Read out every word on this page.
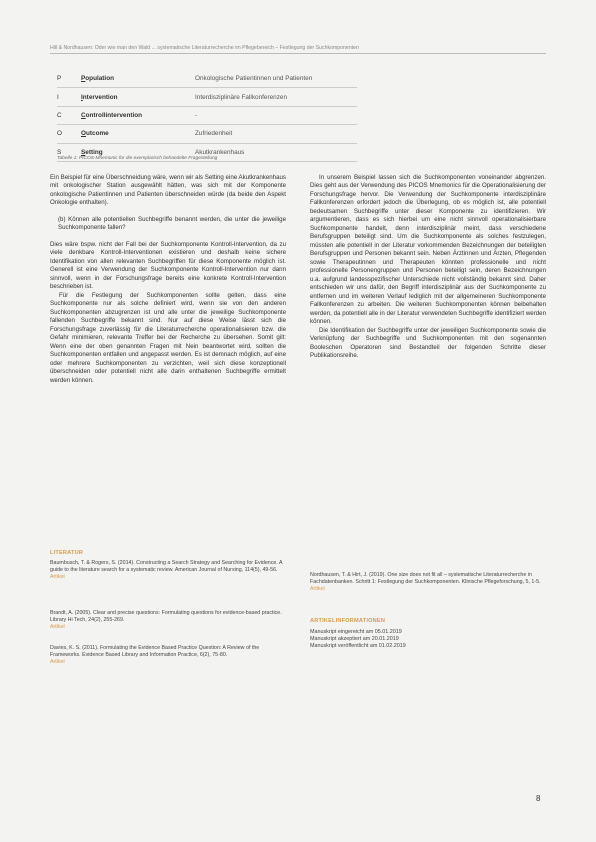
Hill & Nordhausen: Oder wie man den Wald ... systematische Literaturrecherche im Pflegebereich – Festlegung der Suchkomponenten
P	Population	Onkologische Patientinnen und Patienten
I	Intervention	Interdisziplinäre Fallkonferenzen
C	Controllintervention	-
O	Outcome	Zufriedenheit
S	Setting	Akutkrankenhaus
Tabelle 1: PICOS-Mnemonic für die exemplarisch behandelte Fragestellung

Ein Beispiel für eine Überschneidung wäre, wenn wir als Setting eine Akutkrankenhaus mit onkologischer Station ausgewählt hätten, was sich mit der Komponente onkologische Patientinnen und Patienten überschneiden würde (da beide den Aspekt Onkologie enthalten).

(b) Können alle potentiellen Suchbegriffe benannt werden, die unter die jeweilige Suchkomponente fallen?

Dies wäre bspw. nicht der Fall bei der Suchkomponente Kontroll-Intervention, da zu viele denkbare Kontroll-Interventionen existieren und deshalb keine sichere Identifikation von allen relevanten Suchbegriffen für diese Komponente möglich ist. Generell ist eine Verwendung der Suchkomponente Kontroll-Intervention nur dann sinnvoll, wenn in der Forschungsfrage bereits eine konkrete Kontroll-Intervention beschrieben ist.

Für die Festlegung der Suchkomponenten sollte gelten, dass eine Suchkomponente nur als solche definiert wird, wenn sie von den anderen Suchkomponenten abzugrenzen ist und alle unter die jeweilige Suchkomponente fallenden Suchbegriffe bekannt sind. Nur auf diese Weise lässt sich die Forschungsfrage zuverlässig für die Literaturrecherche operationalisieren bzw. die Gefahr minimieren, relevante Treffer bei der Recherche zu übersehen. Somit gilt: Wenn eine der oben genannten Fragen mit Nein beantwortet wird, sollten die Suchkomponenten entfallen und angepasst werden. Es ist demnach möglich, auf eine oder mehrere Suchkomponenten zu verzichten, weil sich diese konzeptionell überschneiden oder potentiell nicht alle darin enthaltenen Suchbegriffe ermittelt werden können.

In unserem Beispiel lassen sich die Suchkomponenten voneinander abgrenzen. Dies geht aus der Verwendung des PICOS Mnemonics für die Operationalisierung der Forschungsfrage hervor. Die Verwendung der Suchkomponente interdisziplinäre Fallkonferenzen erfordert jedoch die Überlegung, ob es möglich ist, alle potentiell bedeutsamen Suchbegriffe unter dieser Komponente zu identifizieren. Wir argumentieren, dass es sich hierbei um eine nicht sinnvoll operationalisierbare Suchkomponente handelt, denn interdisziplinär meint, dass verschiedene Berufsgruppen beteiligt sind. Um die Suchkomponente als solches festzulegen, müssten alle potentiell in der Literatur vorkommenden Bezeichnungen der beteiligten Berufsgruppen und Personen bekannt sein. Neben Ärztinnen und Ärzten, Pflegenden sowie Therapeutinnen und Therapeuten könnten professionelle und nicht professionelle Personengruppen und Personen beteiligt sein, deren Bezeichnungen u.a. aufgrund landesspezifischer Unterschiede nicht vollständig bekannt sind. Daher entschieden wir uns dafür, den Begriff interdisziplinär aus der Suchkomponente zu entfernen und im weiteren Verlauf lediglich mit der allgemeineren Suchkomponente Fallkonferenzen zu arbeiten. Die weiteren Suchkomponenten können beibehalten werden, da potentiell alle in der Literatur verwendeten Suchbegriffe identifiziert werden können.

Die Identifikation der Suchbegriffe unter der jeweiligen Suchkomponente sowie die Verknüpfung der Suchbegriffe und Suchkomponenten mit den sogenannten Booleschen Operatoren sind Bestandteil der folgenden Schritte dieser Publikationsreihe.

LITERATUR
Baumbusch, T. & Rogers, S. (2014). Constructing a Search Strategy and Searching for Evidence. A guide to the literature search for a systematic review. American Journal of Nursing, 114(5), 49-56.
Artikel
Brandt, A. (2005). Clear and precise questions: Formulating questions for evidence-based practice. Library Hi Tech, 24(2), 255-269.
Artikel
Davies, K. S. (2011). Formulating the Evidence Based Practice Question: A Review of the Frameworks. Evidence Based Library and Information Practice, 6(2), 75-80.
Artikel
Nordhausen, T. & Hirt, J. (2019). One size does not fit all – systematische Literaturrecherche in Fachdatenbanken. Schritt 1: Festlegung der Suchkomponenten. Klinische Pflegeforschung, 5, 1-5.
Artikel
ARTIKELINFORMATIONEN
Manuskript eingereicht am 05.01.2019
Manuskript akzeptiert am 20.01.2019
Manuskript veröffentlicht am 01.02.2019
8
